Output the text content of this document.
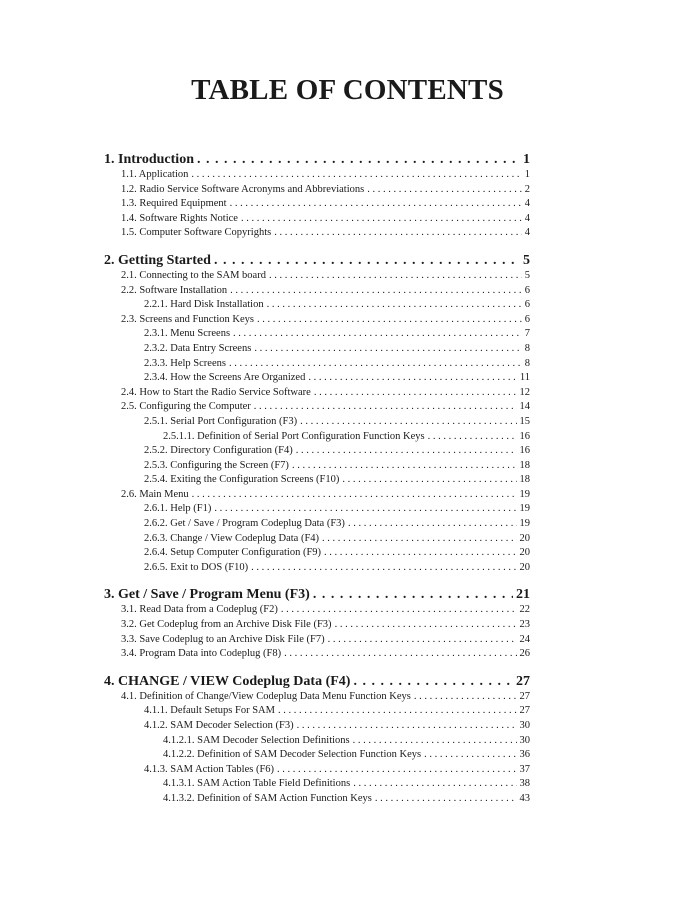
TABLE OF CONTENTS
1. Introduction . . .	1
1.1. Application . . .	1
1.2. Radio Service Software Acronyms and Abbreviations . . .	2
1.3. Required Equipment . . .	4
1.4. Software Rights Notice . . .	4
1.5. Computer Software Copyrights . . .	4
2. Getting Started . . .	5
2.1. Connecting to the SAM board . . .	5
2.2. Software Installation . . .	6
2.2.1. Hard Disk Installation . . .	6
2.3. Screens and Function Keys . . .	6
2.3.1. Menu Screens . . .	7
2.3.2. Data Entry Screens . . .	8
2.3.3. Help Screens . . .	8
2.3.4. How the Screens Are Organized . . .	11
2.4. How to Start the Radio Service Software . . .	12
2.5. Configuring the Computer . . .	14
2.5.1. Serial Port Configuration (F3) . . .	15
2.5.1.1. Definition of Serial Port Configuration Function Keys . . .	16
2.5.2. Directory Configuration (F4) . . .	16
2.5.3. Configuring the Screen (F7) . . .	18
2.5.4. Exiting the Configuration Screens (F10) . . .	18
2.6. Main Menu . . .	19
2.6.1. Help (F1) . . .	19
2.6.2. Get / Save / Program Codeplug Data (F3) . . .	19
2.6.3. Change / View Codeplug Data (F4) . . .	20
2.6.4. Setup Computer Configuration (F9) . . .	20
2.6.5. Exit to DOS (F10) . . .	20
3. Get / Save / Program Menu (F3) . . .	21
3.1. Read Data from a Codeplug (F2) . . .	22
3.2. Get Codeplug from an Archive Disk File (F3) . . .	23
3.3. Save Codeplug to an Archive Disk File (F7) . . .	24
3.4. Program Data into Codeplug (F8) . . .	26
4. CHANGE / VIEW Codeplug Data (F4) . . .	27
4.1. Definition of Change/View Codeplug Data Menu Function Keys . . .	27
4.1.1. Default Setups For SAM . . .	27
4.1.2. SAM Decoder Selection (F3) . . .	30
4.1.2.1. SAM Decoder Selection Definitions . . .	30
4.1.2.2. Definition of SAM Decoder Selection Function Keys . . .	36
4.1.3. SAM Action Tables (F6) . . .	37
4.1.3.1. SAM Action Table Field Definitions . . .	38
4.1.3.2. Definition of SAM Action Function Keys . . .	43
